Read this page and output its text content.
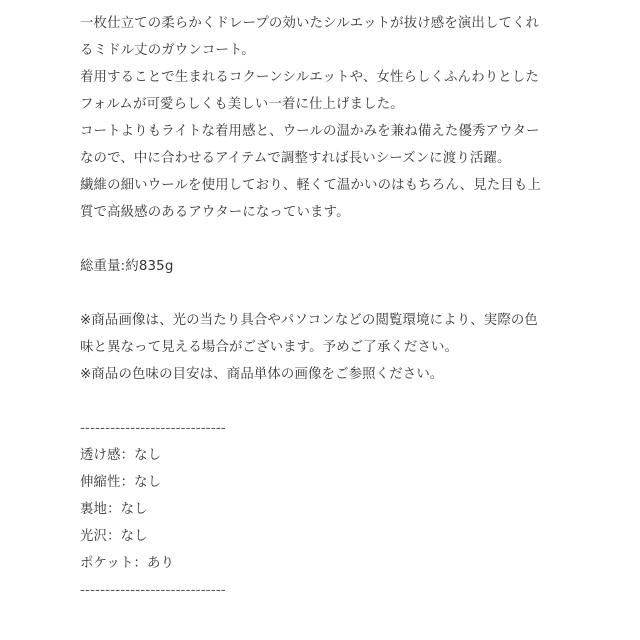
一枚仕立ての柔らかくドレープの効いたシルエットが抜け感を演出してくれ
るミドル丈のガウンコート。
着用することで生まれるコクーンシルエットや、女性らしくふんわりとした
フォルムが可愛らしくも美しい一着に仕上げました。
コートよりもライトな着用感と、ウールの温かみを兼ね備えた優秀アウター
なので、中に合わせるアイテムで調整すれば長いシーズンに渡り活躍。
繊維の細いウールを使用しており、軽くて温かいのはもちろん、見た目も上
質で高級感のあるアウターになっています。
総重量:約835g
※商品画像は、光の当たり具合やパソコンなどの閲覧環境により、実際の色
味と異なって見える場合がございます。予めご了承ください。
※商品の色味の目安は、商品単体の画像をご参照ください。
-----------------------------
透け感：なし
伸縮性：なし
裏地：なし
光沢：なし
ポケット：あり
-----------------------------
